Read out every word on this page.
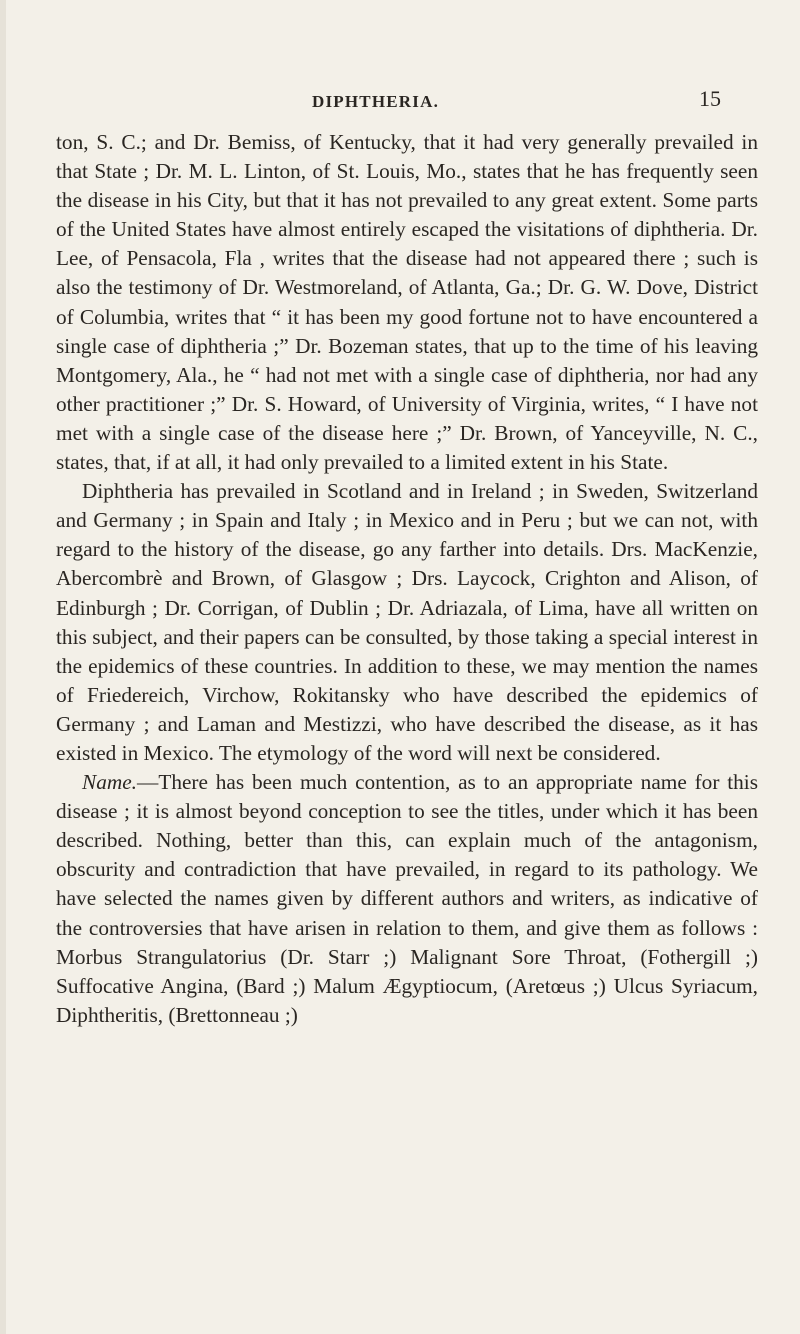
DIPHTHERIA.	15

ton, S. C.; and Dr. Bemiss, of Kentucky, that it had very generally prevailed in that State ; Dr. M. L. Linton, of St. Louis, Mo., states that he has frequently seen the disease in his City, but that it has not prevailed to any great extent. Some parts of the United States have almost entirely escaped the visitations of diphtheria. Dr. Lee, of Pensacola, Fla , writes that the disease had not appeared there ; such is also the testimony of Dr. Westmoreland, of Atlanta, Ga.; Dr. G. W. Dove, District of Columbia, writes that “ it has been my good fortune not to have encountered a single case of diphtheria ;” Dr. Bozeman states, that up to the time of his leaving Montgomery, Ala., he “ had not met with a single case of diphtheria, nor had any other practitioner ;” Dr. S. Howard, of University of Virginia, writes, “ I have not met with a single case of the disease here ;” Dr. Brown, of Yanceyville, N. C., states, that, if at all, it had only prevailed to a limited extent in his State.

Diphtheria has prevailed in Scotland and in Ireland ; in Sweden, Switzerland and Germany ; in Spain and Italy ; in Mexico and in Peru ; but we can not, with regard to the history of the disease, go any farther into details. Drs. MacKenzie, Abercombrè and Brown, of Glasgow ; Drs. Laycock, Crighton and Alison, of Edinburgh ; Dr. Corrigan, of Dublin ; Dr. Adriazala, of Lima, have all written on this subject, and their papers can be consulted, by those taking a special interest in the epidemics of these countries. In addition to these, we may mention the names of Friedereich, Virchow, Rokitansky who have described the epidemics of Germany ; and Laman and Mestizzi, who have described the disease, as it has existed in Mexico. The etymology of the word will next be considered.

Name.—There has been much contention, as to an appropriate name for this disease ; it is almost beyond conception to see the titles, under which it has been described. Nothing, better than this, can explain much of the antagonism, obscurity and contradiction that have prevailed, in regard to its pathology. We have selected the names given by different authors and writers, as indicative of the controversies that have arisen in relation to them, and give them as follows : Morbus Strangulatorius (Dr. Starr ;) Malignant Sore Throat, (Fothergill ;) Suffocative Angina, (Bard ;) Malum Ægyptiocum, (Aretœus ;) Ulcus Syriacum, Diphtheritis, (Brettonneau ;)
